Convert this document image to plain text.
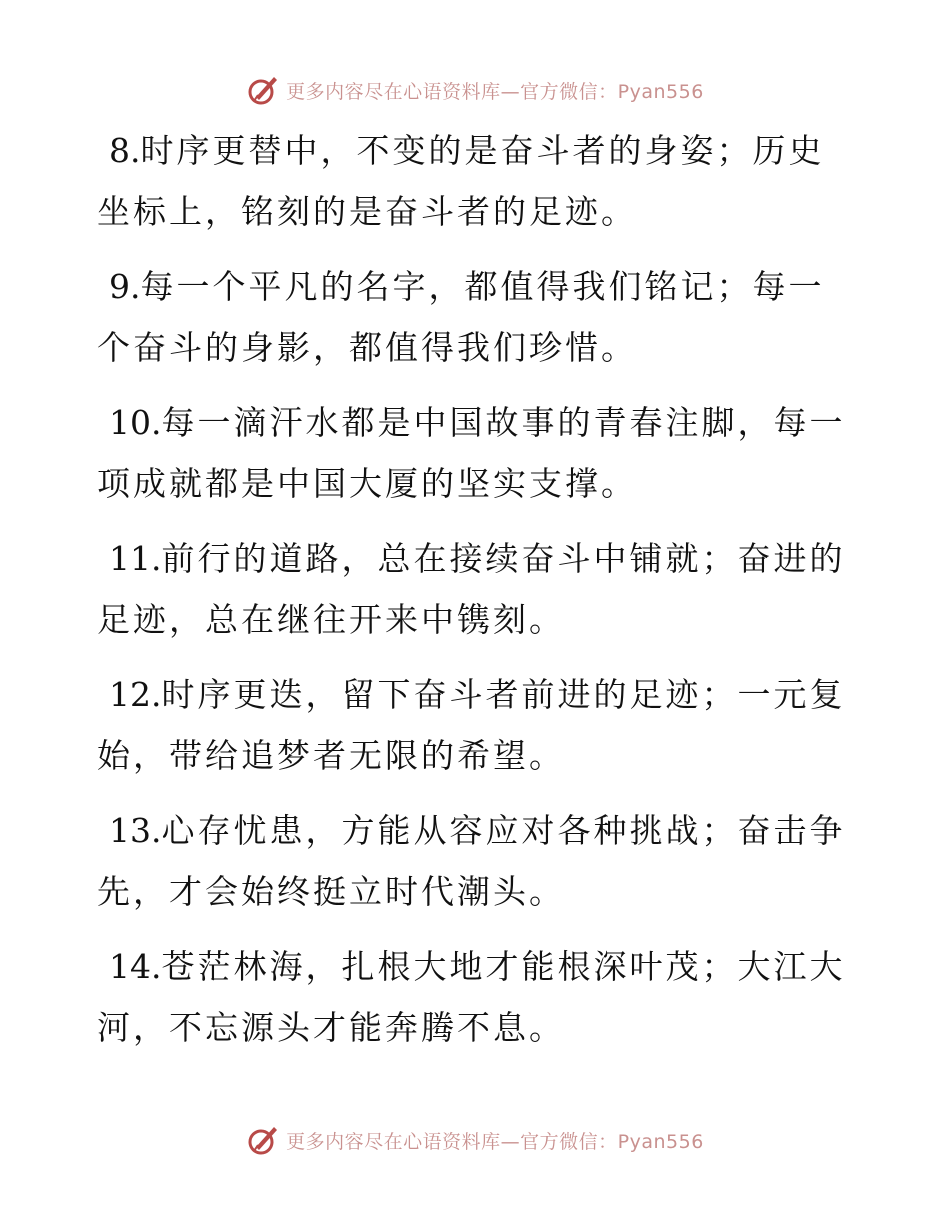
更多内容尽在心语资料库—官方微信：Pyan556

8.时序更替中，不变的是奋斗者的身姿；历史坐标上，铭刻的是奋斗者的足迹。

9.每一个平凡的名字，都值得我们铭记；每一个奋斗的身影，都值得我们珍惜。

10.每一滴汗水都是中国故事的青春注脚，每一项成就都是中国大厦的坚实支撑。

11.前行的道路，总在接续奋斗中铺就；奋进的足迹，总在继往开来中镌刻。

12.时序更迭，留下奋斗者前进的足迹；一元复始，带给追梦者无限的希望。

13.心存忧患，方能从容应对各种挑战；奋击争先，才会始终挺立时代潮头。

14.苍茫林海，扎根大地才能根深叶茂；大江大河，不忘源头才能奔腾不息。

更多内容尽在心语资料库—官方微信：Pyan556
